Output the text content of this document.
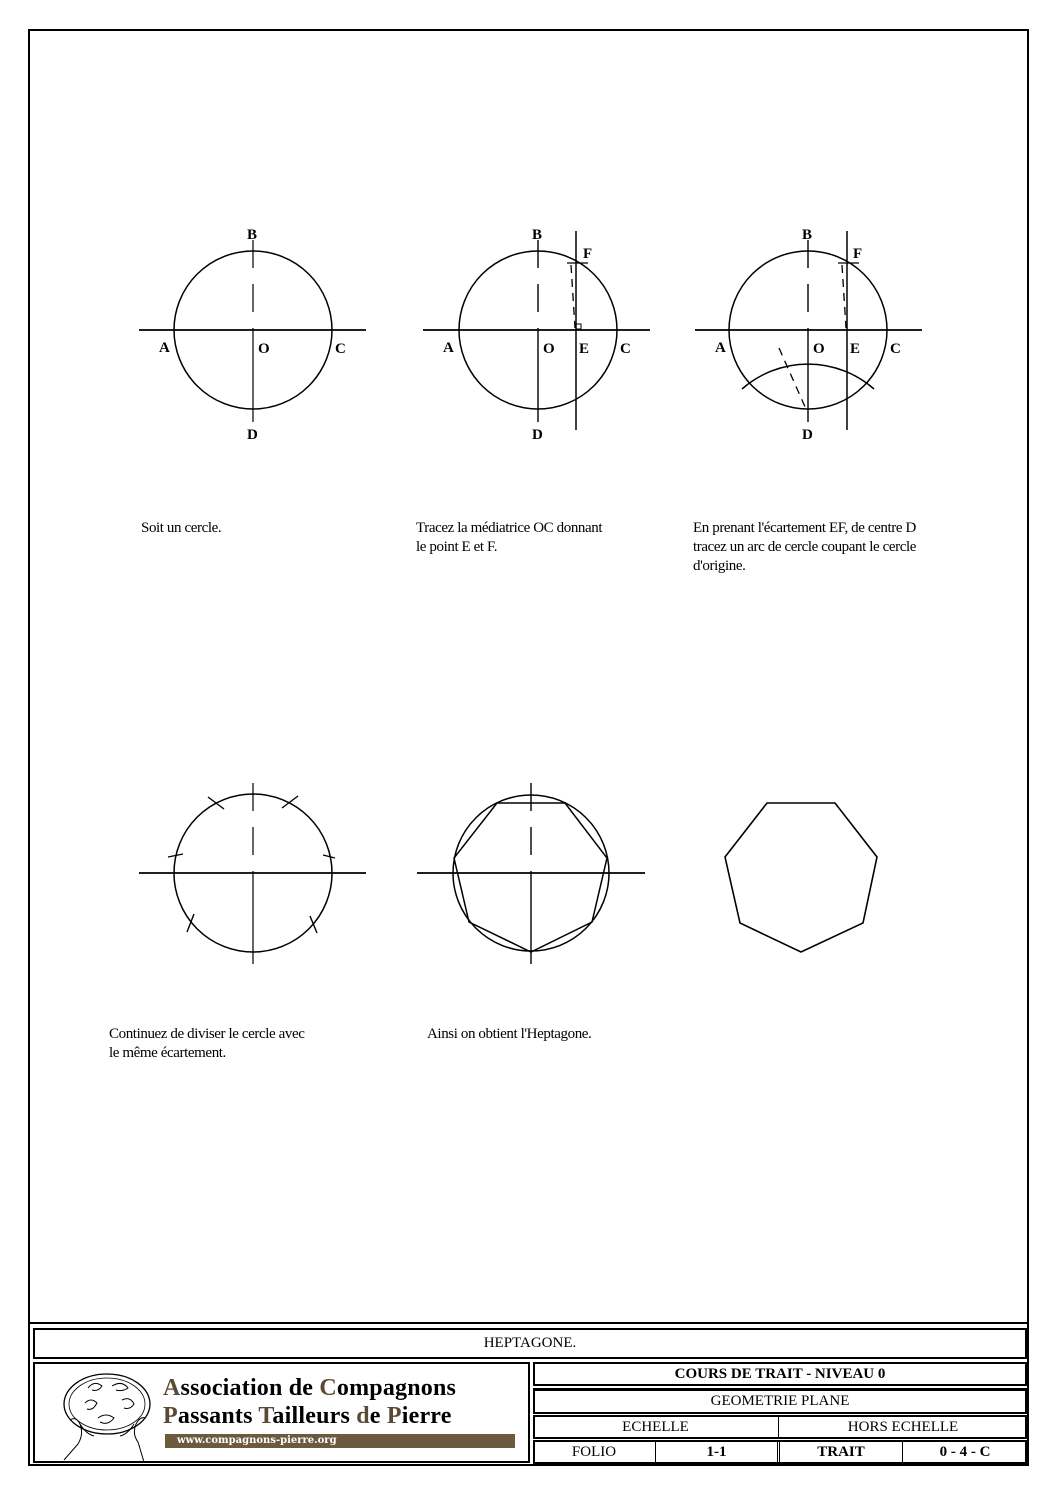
B
A	O	C
D
B
F
A	O E C
D
B
F
A	O E C
D
Soit un cercle.	Tracez la médiatrice OC donnant
le point E et F.
En prenant l'écartement EF, de centre D
tracez un arc de cercle coupant le cercle
d'origine.
Continuez de diviser le cercle avec
le même écartement.
Ainsi on obtient l'Heptagone.
HEPTAGONE.
Association de Compagnons
Passants Tailleurs de Pierre
www.compagnons-pierre.org
COURS DE TRAIT - NIVEAU 0
GEOMETRIE PLANE
ECHELLE	HORS ECHELLE
FOLIO	1-1	TRAIT	0 - 4 - C
